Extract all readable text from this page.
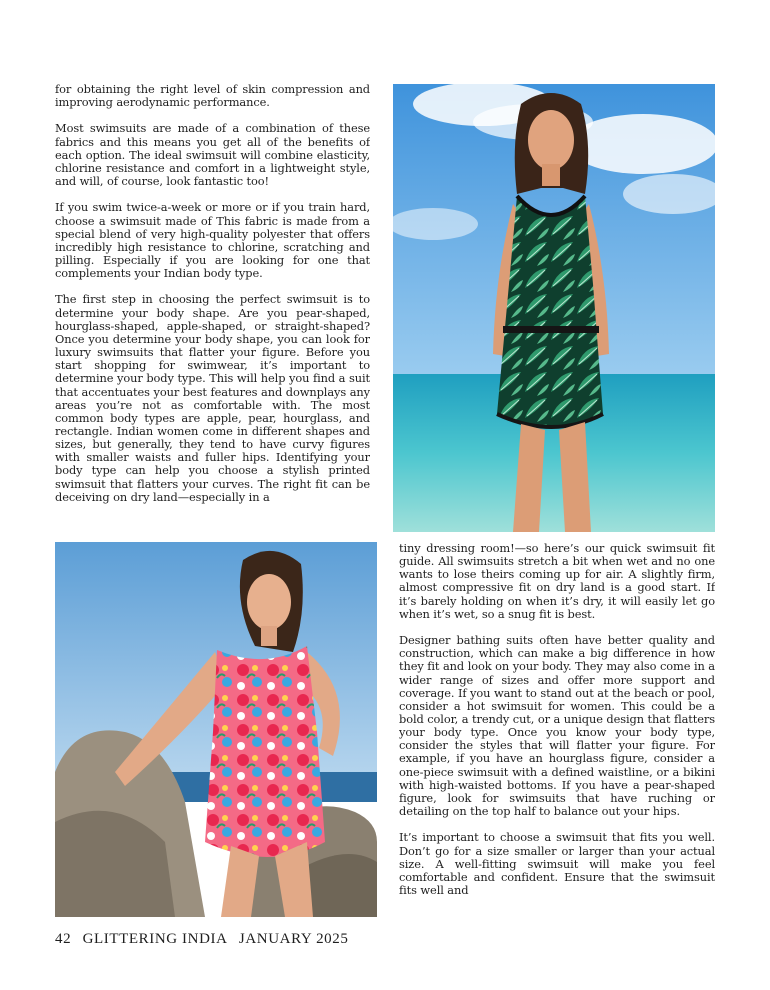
for obtaining the right level of skin compression and improving aerodynamic performance.

Most swimsuits are made of a combination of these fabrics and this means you get all of the benefits of each option. The ideal swimsuit will combine elasticity, chlorine resistance and comfort in a lightweight style, and will, of course, look fantastic too!

If you swim twice-a-week or more or if you train hard, choose a swimsuit made of This fabric is made from a special blend of very high-quality polyester that offers incredibly high resistance to chlorine, scratching and pilling. Especially if you are looking for one that complements your Indian body type.

The first step in choosing the perfect swimsuit is to determine your body shape. Are you pear-shaped, hourglass-shaped, apple-shaped, or straight-shaped? Once you determine your body shape, you can look for luxury swimsuits that flatter your figure. Before you start shopping for swimwear, it’s important to determine your body type. This will help you find a suit that accentuates your best features and downplays any areas you’re not as comfortable with. The most common body types are apple, pear, hourglass, and rectangle. Indian women come in different shapes and sizes, but generally, they tend to have curvy figures with smaller waists and fuller hips. Identifying your body type can help you choose a stylish printed swimsuit that flatters your curves. The right fit can be deceiving on dry land—especially in a

tiny dressing room!—so here’s our quick swimsuit fit guide. All swimsuits stretch a bit when wet and no one wants to lose theirs coming up for air. A slightly firm, almost compressive fit on dry land is a good start. If it’s barely holding on when it’s dry, it will easily let go when it’s wet, so a snug fit is best.

Designer bathing suits often have better quality and construction, which can make a big difference in how they fit and look on your body. They may also come in a wider range of sizes and offer more support and coverage. If you want to stand out at the beach or pool, consider a hot swimsuit for women. This could be a bold color, a trendy cut, or a unique design that flatters your body type. Once you know your body type, consider the styles that will flatter your figure. For example, if you have an hourglass figure, consider a one-piece swimsuit with a defined waistline, or a bikini with high-waisted bottoms. If you have a pear-shaped figure, look for swimsuits that have ruching or detailing on the top half to balance out your hips.

It’s important to choose a swimsuit that fits you well. Don’t go for a size smaller or larger than your actual size. A well-fitting swimsuit will make you feel comfortable and confident. Ensure that the swimsuit fits well and

42 GLITTERING INDIA JANUARY 2025
